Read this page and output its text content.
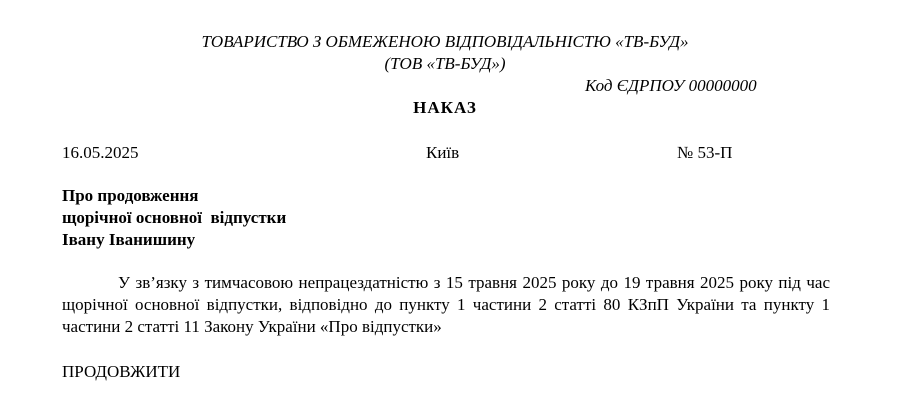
ТОВАРИСТВО З ОБМЕЖЕНОЮ ВІДПОВІДАЛЬНІСТЮ «ТВ-БУД»
(ТОВ «ТВ-БУД»)
Код ЄДРПОУ 00000000
НАКАЗ
16.05.2025	Київ	№ 53-П
Про продовження
щорічної основної  відпустки
Івану Іванишину

У зв’язку з тимчасовою непрацездатністю з 15 травня 2025 року до 19 травня 2025 року під час щорічної основної відпустки, відповідно до пункту 1 частини 2 статті 80 КЗпП України та пункту 1 частини 2 статті 11 Закону України «Про відпустки»

ПРОДОВЖИТИ
